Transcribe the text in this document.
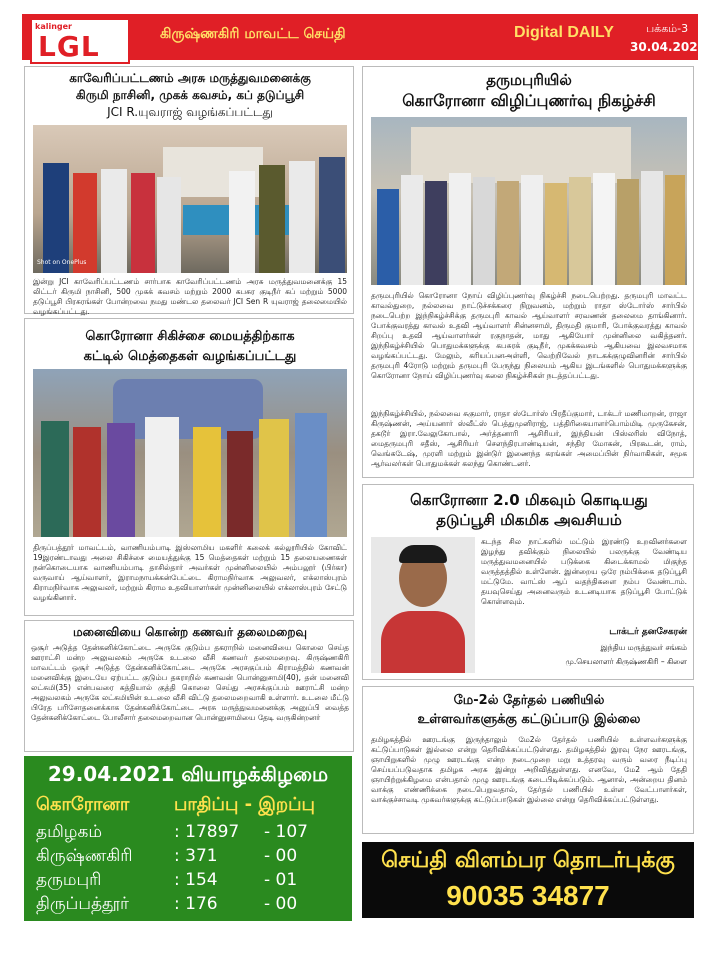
kalinger
LGL	கிருஷ்ணகிரி மாவட்ட செய்தி	Digital DAILY	பக்கம்-3
30.04.2021
காவேரிப்பட்டணம் அரசு மருத்துவமனைக்கு
கிருமி நாசினி, முகக் கவசம், கப் தடுப்பூசி
JCI R.யுவராஜ் வழங்கப்பட்டது
Shot on OnePlus
இன்று JCI காவேரிப்பட்டணம் சார்பாக காவேரிப்பட்டணம் அரசு மருத்துவமனைக்கு 15 லிட்டர் கிருமி நாசினி, 500 முகக் கவசம் மற்றும் 2000 கபசுர குடிநீர் கப் மற்றும் 5000 தடுப்பூசி பிரசுரங்கள் போன்றவை நமது மண்டல தலைவர் JCI Sen R யுவராஜ் தலைமையில் வழங்கப்பட்டது.
கொரோனா சிகிச்சை மையத்திற்காக
கட்டில் மெத்தைகள் வழங்கப்பட்டது
திருப்பத்தூர் மாவட்டம், வாணியம்பாடி இஸ்லாமிய மகளிர் கலைக் கல்லூரியில் கோவிட் 19இரண்டாவது அலை சிகிச்சை மையத்துக்கு 15 மெத்தைகள் மற்றும் 15 தலையணைகள் நன்கொடையாக வாணியம்பாடி தாசில்தார் அவர்கள் முன்னிலையில் அம்பலூர் (பிர்கா) வருவாய் ஆய்வாளர், இராமநாயக்கன்பேட்டை கிராமநிர்வாக அலுவலர், எக்லாஸ்புரம் கிராமநிர்வாக அலுவலர், மற்றும் கிராம உதவியாளர்கள் முன்னிலையில் எக்லாஸ்புரம் சேட்டு வழங்கினார்.
மனைவியை கொன்ற கணவர் தலைமறைவு
ஒசூர் அடுத்த தேன்கனிக்கோட்டை அருகே குடும்ப தகராறில் மனைவியை கொலை செய்த ஊராட்சி மன்ற அலுவலகம் அருகே உடலை வீசி கணவர் தலைமறைவு. கிருஷ்ணகிரி மாவட்டம் ஒசூர் அடுத்த தேன்கனிக்கோட்டை அருகே அரசகுப்பம் கிராமத்தில் கணவன் மனைவிக்கு இடையே ஏற்பட்ட குடும்ப தகராறில் கணவன் பொன்னுசாமி(40), தன் மனைவி லட்சுமி(35) என்பவரை கத்தியால் குத்தி கொலை செய்து அரசக்குப்பம் ஊராட்சி மன்ற அலுவலகம் அருகே லட்சுமியின் உடலை வீசி விட்டு தலைமறைவாகி உள்ளார். உடலை மீட்டு பிரேத பரிசோதனைக்காக தேன்கனிக்கோட்டை அரசு மருத்துவமனைக்கு அனுப்பி வைத்த தேன்கனிக்கோட்டை போலீசார் தலைமறைவான பொன்னுசாமியை தேடி வருகின்றனர்
29.04.2021 வியாழக்கிழமை
கொரோனா பாதிப்பு - இறப்பு
தமிழகம்	: 17897 - 107
கிருஷ்ணகிரி : 371	- 00
தருமபுரி	: 154	- 01
திருப்பத்தூர்	: 176	- 00
தருமபுரியில்
கொரோனா விழிப்புணர்வு நிகழ்ச்சி
தருமபுரியில் கொரோனா நோய் விழிப்புணர்வு நிகழ்ச்சி நடைபெற்றது. தருமபுரி மாவட்ட காவல்துறை, நல்லவை நாட்டுச்சக்கரை நிறுவனம், மற்றும் ராதா ஸ்டோர்ஸ் சார்பில் நடைபெற்ற இந்நிகழ்ச்சிக்கு தருமபுரி காவல் ஆய்வாளர் சரவணன் தலைமை தாங்கினார். போக்குவரத்து காவல் உதவி ஆய்வாளர் சின்னசாமி, திருமதி குமாரி, போக்குவரத்து காவல் சிறப்பு உதவி ஆய்வாளர்கள் ரகுநாதன், மாது ஆகியோர் முன்னிலை வகித்தனர். இந்நிகழ்ச்சியில் பொதுமக்களுக்கு கபசுரக் குடிநீர், முகக்கவசம் ஆகியவை இலவசமாக வழங்கப்பட்டது. மேலும், கரியப்பனஅள்ளி, வெற்றிவேல் நாடகக்குழுவினரின் சார்பில் தருமபுரி 4ரோடு மற்றும் தருமபுரி பேருந்து நிலையம் ஆகிய இடங்களில் பொதுமக்களுக்கு கொரோனா நோய் விழிப்புணர்வு கலை நிகழ்ச்சிகள் நடத்தப்பட்டது.
இந்நிகழ்ச்சியில், நல்லவை சுகுமார், ராதா ஸ்டோர்ஸ் பிரதீப்குமார், டாக்டர் மணிமாறன், ராஜா கிருஷ்ணன், அய்யனார் ஸ்வீட்ஸ் பெத்துமுனிராஜ், பத்திரிகையாளர்பொம்மிடி முருகேசன், தகடூர் இரா.வேலுகோபால், அர்த்தனாரி ஆசிரியர், இந்தியன் பிஸ்லரிஸ் விநோத், மைதருமபுரி சதீஸ், ஆசிரியர் சௌந்திரபாண்டியன், சந்திர மோகன், பிரகூடன், ராம், வெங்கடேஷ், முரளி மற்றும் இன்டுர் இணைந்த கரங்கள் அமைப்பின் நிர்வாகிகள், சமூக ஆர்வலர்கள் பொதுமக்கள் கலந்து கொண்டனர்.
கொரோனா 2.0 மிகவும் கொடியது
தடுப்பூசி மிகமிக அவசியம்
கடந்த சில நாட்களில் மட்டும் இரண்டு உறவினர்களை இழந்து தவிக்கும் நிலையில் பலருக்கு வேண்டிய மருத்துவமனையில் படுக்கை கிடைக்காமல் மிகுந்த வருத்தத்தில் உள்ளேன். இன்றைய ஒரே நம்பிக்கை தடுப்பூசி மட்டுமே. வாட்ஸ் ஆப் வதந்திகளை நம்ப வேண்டாம். தயவுசெய்து அனைவரும் உடனடியாக தடுப்பூசி போட்டுக் கொள்ளவும்.
டாக்டர் தனசேகரன்
இந்திய மருத்துவர் சங்கம்
மு.செயலாளர் கிருஷ்ணகிரி – கிளை
மே-2ல் தேர்தல் பணியில்
உள்ளவர்களுக்கு கட்டுப்பாடு இல்லை
தமிழகத்தில் ஊரடங்கு இருந்தாலும் மே2ல் தேர்தல் பணியில் உள்ளவர்களுக்கு கட்டுப்பாடுகள் இல்லை என்று தெரிவிக்கப்பட்டுள்ளது. தமிழகத்தில் இரவு நேர ஊரடங்கு, ஞாயிறுகளில் முழு ஊரடங்கு என்ற நடைமுறை மறு உத்தரவு வரும் வரை நீடிப்பு செய்யப்படுவதாக தமிழக அரசு இன்று அறிவித்துள்ளது. எனவே, மே2 ஆம் தேதி ஞாயிற்றுக்கிழமை என்பதால் முழு ஊரடங்கு கடைபிடிக்கப்படும். ஆனால், அன்றைய தினம் வாக்கு எண்ணிக்கை நடைபெறுவதால், தேர்தல் பணியில் உள்ள வேட்பாளர்கள், வாக்குச்சாவடி முகவர்களுக்கு கட்டுப்பாடுகள் இல்லை என்று தெரிவிக்கப்பட்டுள்ளது.
செய்தி விளம்பர தொடர்புக்கு
90035 34877
